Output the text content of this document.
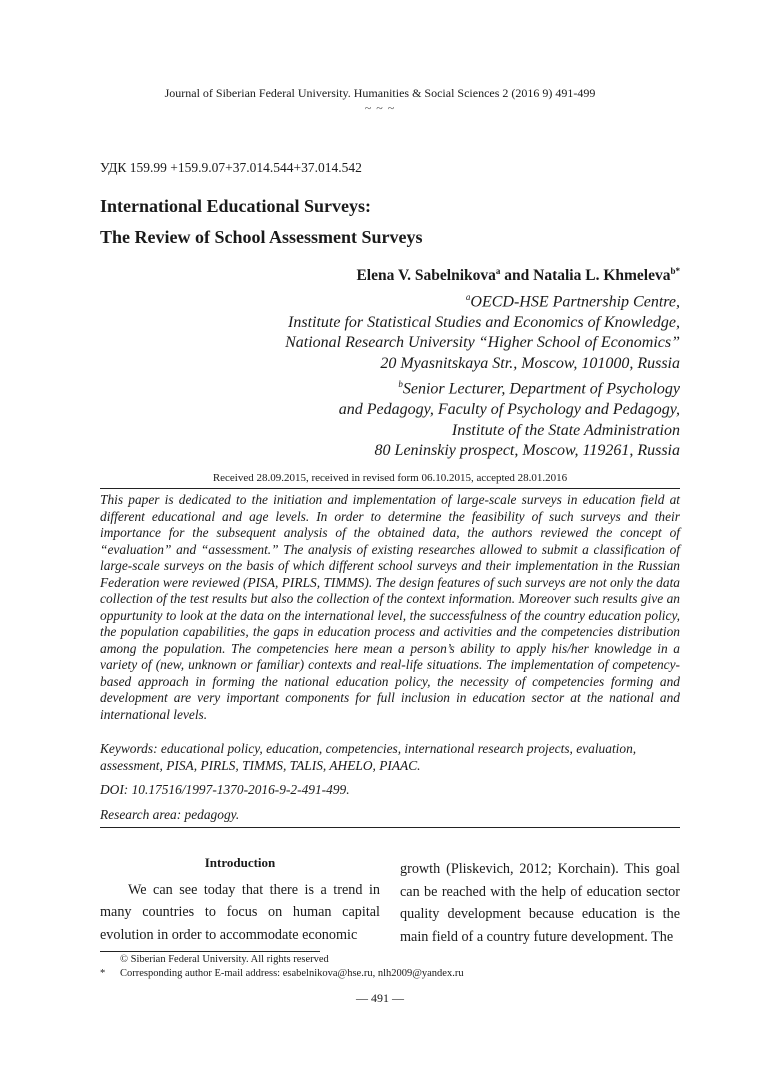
Journal of Siberian Federal University. Humanities & Social Sciences 2 (2016 9) 491-499
~ ~ ~
УДК 159.99 +159.9.07+37.014.544+37.014.542
International Educational Surveys:
The Review of School Assessment Surveys
Elena V. Sabelnikova$^a$ and Natalia L. Khmeleva$^{b*}$
$^a$OECD-HSE Partnership Centre,
Institute for Statistical Studies and Economics of Knowledge,
National Research University “Higher School of Economics”
20 Myasnitskaya Str., Moscow, 101000, Russia
$^b$Senior Lecturer, Department of Psychology
and Pedagogy, Faculty of Psychology and Pedagogy,
Institute of the State Administration
80 Leninskiy prospect, Moscow, 119261, Russia
Received 28.09.2015, received in revised form 06.10.2015, accepted 28.01.2016
This paper is dedicated to the initiation and implementation of large-scale surveys in education field at different educational and age levels. In order to determine the feasibility of such surveys and their importance for the subsequent analysis of the obtained data, the authors reviewed the concept of “evaluation” and “assessment.” The analysis of existing researches allowed to submit a classification of large-scale surveys on the basis of which different school surveys and their implementation in the Russian Federation were reviewed (PISA, PIRLS, TIMMS). The design features of such surveys are not only the data collection of the test results but also the collection of the context information. Moreover such results give an oppurtunity to look at the data on the international level, the successfulness of the country education policy, the population capabilities, the gaps in education process and activities and the competencies distribution among the population. The competencies here mean a person’s ability to apply his/her knowledge in a variety of (new, unknown or familiar) contexts and real-life situations. The implementation of competency-based approach in forming the national education policy, the necessity of competencies forming and development are very important components for full inclusion in education sector at the national and international levels.
Keywords: educational policy, education, competencies, international research projects, evaluation, assessment, PISA, PIRLS, TIMMS, TALIS, AHELO, PIAAC.
DOI: 10.17516/1997-1370-2016-9-2-491-499.
Research area: pedagogy.
Introduction

We can see today that there is a trend in many countries to focus on human capital evolution in order to accommodate economic

growth (Pliskevich, 2012; Korchain). This goal can be reached with the help of education sector quality development because education is the main field of a country future development. The

© Siberian Federal University. All rights reserved
* Corresponding author E-mail address: esabelnikova@hse.ru, nlh2009@yandex.ru
— 491 —
